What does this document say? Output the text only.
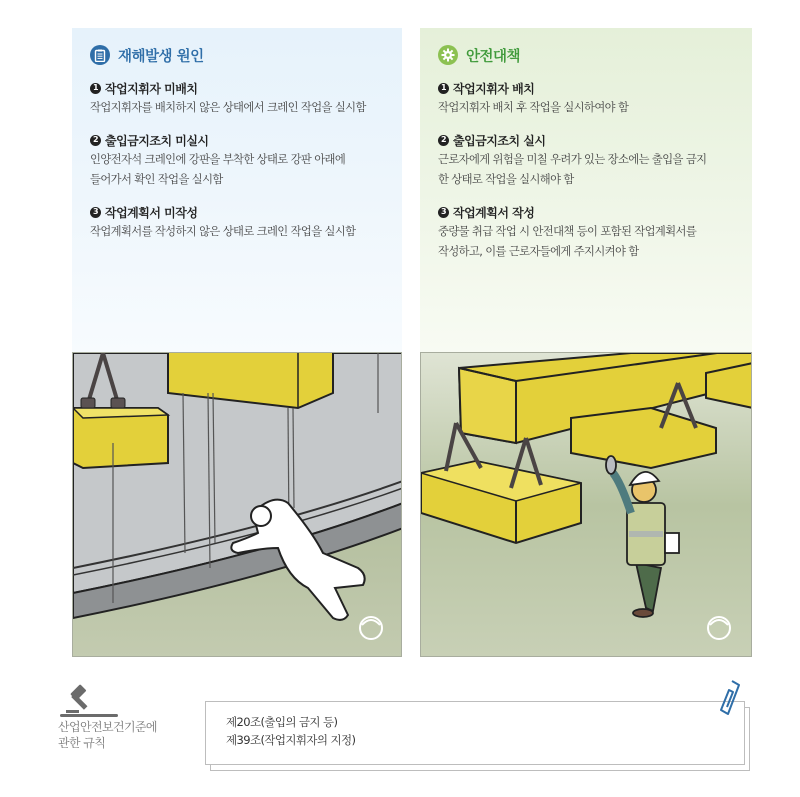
재해발생 원인
1 작업지휘자 미배치
작업지휘자를 배치하지 않은 상태에서 크레인 작업을 실시함
2 출입금지조치 미실시
인양전자석 크레인에 강판을 부착한 상태로 강판 아래에
들어가서 확인 작업을 실시함
3 작업계획서 미작성
작업계획서를 작성하지 않은 상태로 크레인 작업을 실시함
안전대책
1 작업지휘자 배치
작업지휘자 배치 후 작업을 실시하여야 함
2 출입금지조치 실시
근로자에게 위험을 미칠 우려가 있는 장소에는 출입을 금지
한 상태로 작업을 실시해야 함
3 작업계획서 작성
중량물 취급 작업 시 안전대책 등이 포함된 작업계획서를
작성하고, 이를 근로자들에게 주지시켜야 함
산업안전보건기준에
관한 규칙
제20조(출입의 금지 등)
제39조(작업지휘자의 지정)
